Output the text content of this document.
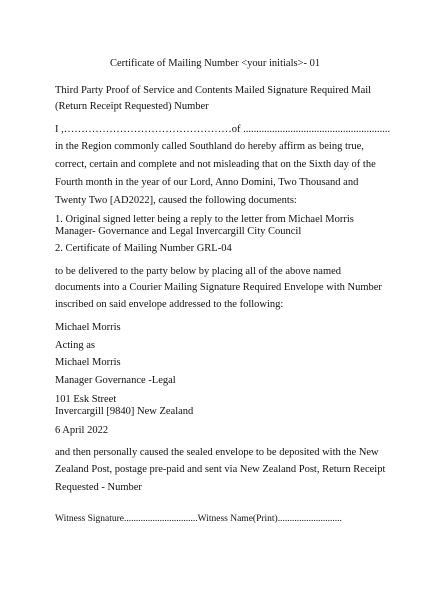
Certificate of Mailing Number <your initials>- 01
Third Party Proof of Service and Contents Mailed Signature Required Mail
(Return Receipt Requested) Number
I ,…………………………………………of ........................................................
in the Region commonly called Southland do hereby affirm as being true,
correct, certain and complete and not misleading that on the Sixth day of the
Fourth month in the year of our Lord, Anno Domini, Two Thousand and
Twenty Two [AD2022], caused the following documents:
1. Original signed letter being a reply to the letter from Michael Morris
Manager- Governance and Legal Invercargill City Council
2. Certificate of Mailing Number GRL-04
to be delivered to the party below by placing all of the above named
documents into a Courier Mailing Signature Required Envelope with Number
inscribed on said envelope addressed to the following:
Michael Morris
Acting as
Michael Morris
Manager Governance -Legal
101 Esk Street
Invercargill [9840] New Zealand
6 April 2022
and then personally caused the sealed envelope to be deposited with the New
Zealand Post, postage pre-paid and sent via New Zealand Post, Return Receipt
Requested - Number
Witness Signature...............................Witness Name(Print)...........................
